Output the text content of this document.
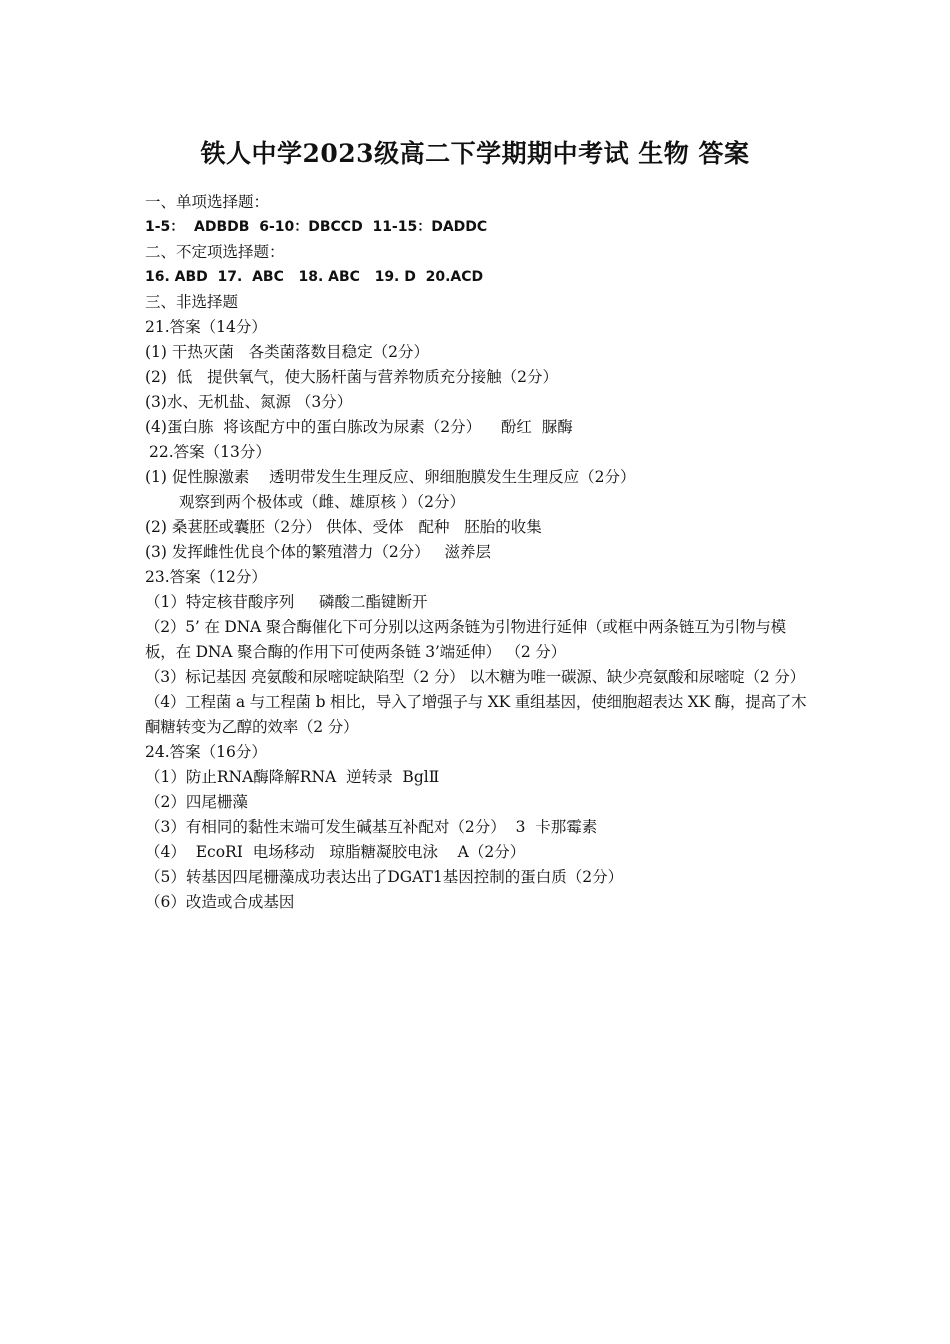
铁人中学2023级高二下学期期中考试 生物 答案
一、单项选择题：
1-5：  ADBDB  6-10：DBCCD  11-15：DADDC
二、不定项选择题：
16. ABD  17.  ABC   18. ABC   19. D  20.ACD
三、非选择题
21.答案（14分）
(1) 干热灭菌   各类菌落数目稳定（2分）
(2)  低   提供氧气，使大肠杆菌与营养物质充分接触（2分）
(3)水、无机盐、氮源 （3分）
(4)蛋白胨  将该配方中的蛋白胨改为尿素（2分）    酚红  脲酶
22.答案（13分）
(1) 促性腺激素    透明带发生生理反应、卵细胞膜发生生理反应（2分）
观察到两个极体或（雌、雄原核 ）（2分）
(2) 桑葚胚或囊胚（2分） 供体、受体   配种   胚胎的收集
(3) 发挥雌性优良个体的繁殖潜力（2分）   滋养层
23.答案（12分）
（1）特定核苷酸序列     磷酸二酯键断开
（2）5’ 在 DNA 聚合酶催化下可分别以这两条链为引物进行延伸（或框中两条链互为引物与模板，在 DNA 聚合酶的作用下可使两条链 3’端延伸） （2 分）
（3）标记基因 亮氨酸和尿嘧啶缺陷型（2 分） 以木糖为唯一碳源、缺少亮氨酸和尿嘧啶（2 分）
（4）工程菌 a 与工程菌 b 相比，导入了增强子与 XK 重组基因，使细胞超表达 XK 酶，提高了木酮糖转变为乙醇的效率（2 分）
24.答案（16分）
（1）防止RNA酶降解RNA  逆转录  BglⅡ
（2）四尾栅藻
（3）有相同的黏性末端可发生碱基互补配对（2分）  3  卡那霉素
（4）  EcoRI  电场移动   琼脂糖凝胶电泳    A（2分）
（5）转基因四尾栅藻成功表达出了DGAT1基因控制的蛋白质（2分）
（6）改造或合成基因
